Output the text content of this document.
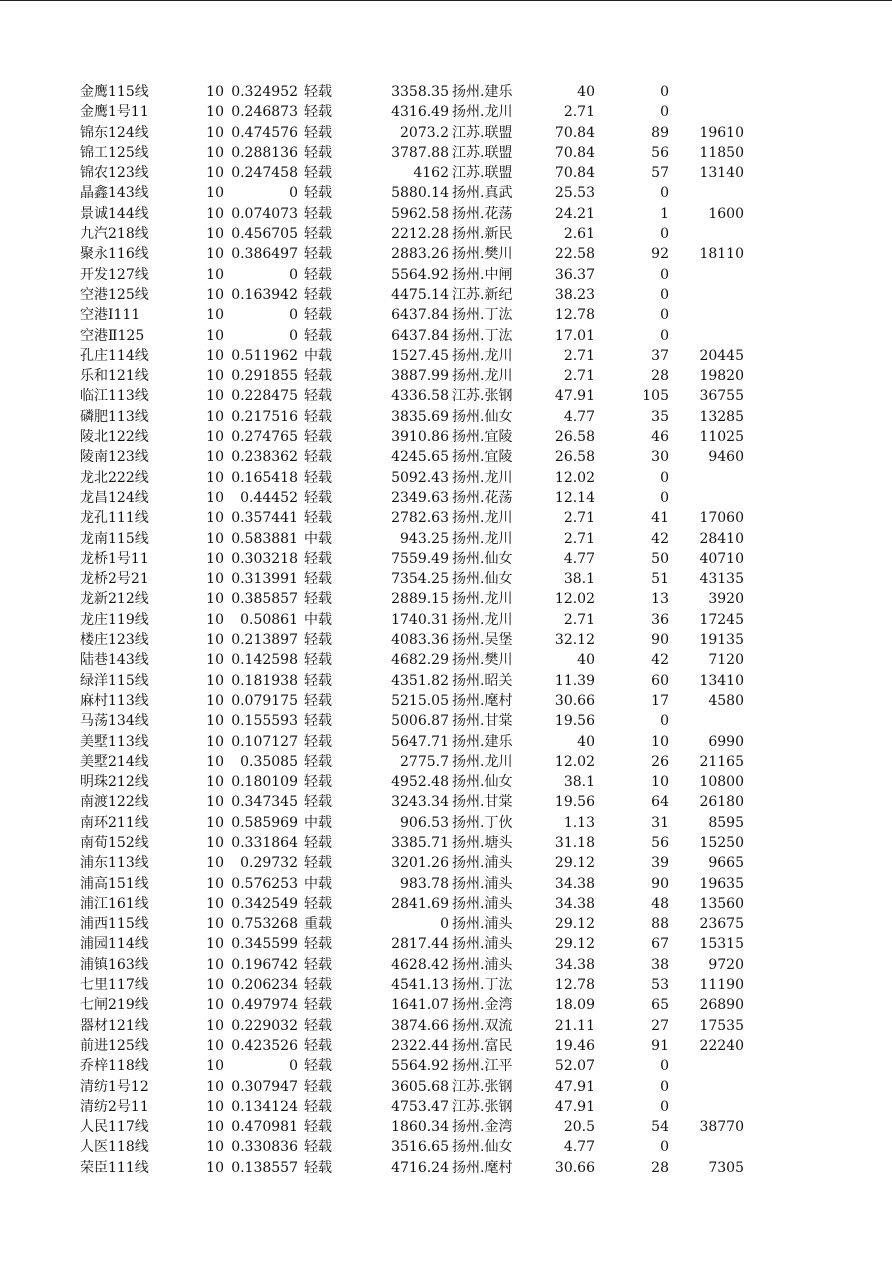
金鹰115线	10 0.324952 轻载	3358.35 扬州.建乐	40	0
金鹰1号11	10 0.246873 轻载	4316.49 扬州.龙川	2.71	0
锦东124线	10 0.474576 轻载	2073.2 江苏.联盟	70.84	89	19610
锦工125线	10 0.288136 轻载	3787.88 江苏.联盟	70.84	56	11850
锦农123线	10 0.247458 轻载	4162 江苏.联盟	70.84	57	13140
晶鑫143线	10	0 轻载	5880.14 扬州.真武	25.53	0
景诚144线	10 0.074073 轻载	5962.58 扬州.花荡	24.21	1	1600
九汽218线	10 0.456705 轻载	2212.28 扬州.新民	2.61	0
聚永116线	10 0.386497 轻载	2883.26 扬州.樊川	22.58	92	18110
开发127线	10	0 轻载	5564.92 扬州.中闸	36.37	0
空港125线	10 0.163942 轻载	4475.14 江苏.新纪	38.23	0
空港Ⅰ111	10	0 轻载	6437.84 扬州.丁汯	12.78	0
空港Ⅱ125	10	0 轻载	6437.84 扬州.丁汯	17.01	0
孔庄114线	10 0.511962 中载	1527.45 扬州.龙川	2.71	37	20445
乐和121线	10 0.291855 轻载	3887.99 扬州.龙川	2.71	28	19820
临江113线	10 0.228475 轻载	4336.58 江苏.张钢	47.91	105	36755
磷肥113线	10 0.217516 轻载	3835.69 扬州.仙女	4.77	35	13285
陵北122线	10 0.274765 轻载	3910.86 扬州.宜陵	26.58	46	11025
陵南123线	10 0.238362 轻载	4245.65 扬州.宜陵	26.58	30	9460
龙北222线	10 0.165418 轻载	5092.43 扬州.龙川	12.02	0
龙昌124线	10	0.44452 轻载	2349.63 扬州.花荡	12.14	0
龙孔111线	10 0.357441 轻载	2782.63 扬州.龙川	2.71	41	17060
龙南115线	10 0.583881 中载	943.25 扬州.龙川	2.71	42	28410
龙桥1号11	10 0.303218 轻载	7559.49 扬州.仙女	4.77	50	40710
龙桥2号21	10 0.313991 轻载	7354.25 扬州.仙女	38.1	51	43135
龙新212线	10 0.385857 轻载	2889.15 扬州.龙川	12.02	13	3920
龙庄119线	10	0.50861 中载	1740.31 扬州.龙川	2.71	36	17245
楼庄123线	10 0.213897 轻载	4083.36 扬州.吴堡	32.12	90	19135
陆巷143线	10 0.142598 轻载	4682.29 扬州.樊川	40	42	7120
绿洋115线	10 0.181938 轻载	4351.82 扬州.昭关	11.39	60	13410
麻村113线	10 0.079175 轻载	5215.05 扬州.麾村	30.66	17	4580
马荡134线	10 0.155593 轻载	5006.87 扬州.甘棠	19.56	0
美墅113线	10 0.107127 轻载	5647.71 扬州.建乐	40	10	6990
美墅214线	10	0.35085 轻载	2775.7 扬州.龙川	12.02	26	21165
明珠212线	10 0.180109 轻载	4952.48 扬州.仙女	38.1	10	10800
南渡122线	10 0.347345 轻载	3243.34 扬州.甘棠	19.56	64	26180
南环211线	10 0.585969 中载	906.53 扬州.丁伙	1.13	31	8595
南荀152线	10 0.331864 轻载	3385.71 扬州.塘头	31.18	56	15250
浦东113线	10	0.29732 轻载	3201.26 扬州.浦头	29.12	39	9665
浦高151线	10 0.576253 中载	983.78 扬州.浦头	34.38	90	19635
浦江161线	10 0.342549 轻载	2841.69 扬州.浦头	34.38	48	13560
浦西115线	10 0.753268 重载	0 扬州.浦头	29.12	88	23675
浦园114线	10 0.345599 轻载	2817.44 扬州.浦头	29.12	67	15315
浦镇163线	10 0.196742 轻载	4628.42 扬州.浦头	34.38	38	9720
七里117线	10 0.206234 轻载	4541.13 扬州.丁汯	12.78	53	11190
七闸219线	10 0.497974 轻载	1641.07 扬州.金湾	18.09	65	26890
器材121线	10 0.229032 轻载	3874.66 扬州.双流	21.11	27	17535
前进125线	10 0.423526 轻载	2322.44 扬州.富民	19.46	91	22240
乔梓118线	10	0 轻载	5564.92 扬州.江平	52.07	0
清纺1号12	10 0.307947 轻载	3605.68 江苏.张钢	47.91	0
清纺2号11	10 0.134124 轻载	4753.47 江苏.张钢	47.91	0
人民117线	10 0.470981 轻载	1860.34 扬州.金湾	20.5	54	38770
人医118线	10 0.330836 轻载	3516.65 扬州.仙女	4.77	0
荣臣111线	10 0.138557 轻载	4716.24 扬州.麾村	30.66	28	7305
